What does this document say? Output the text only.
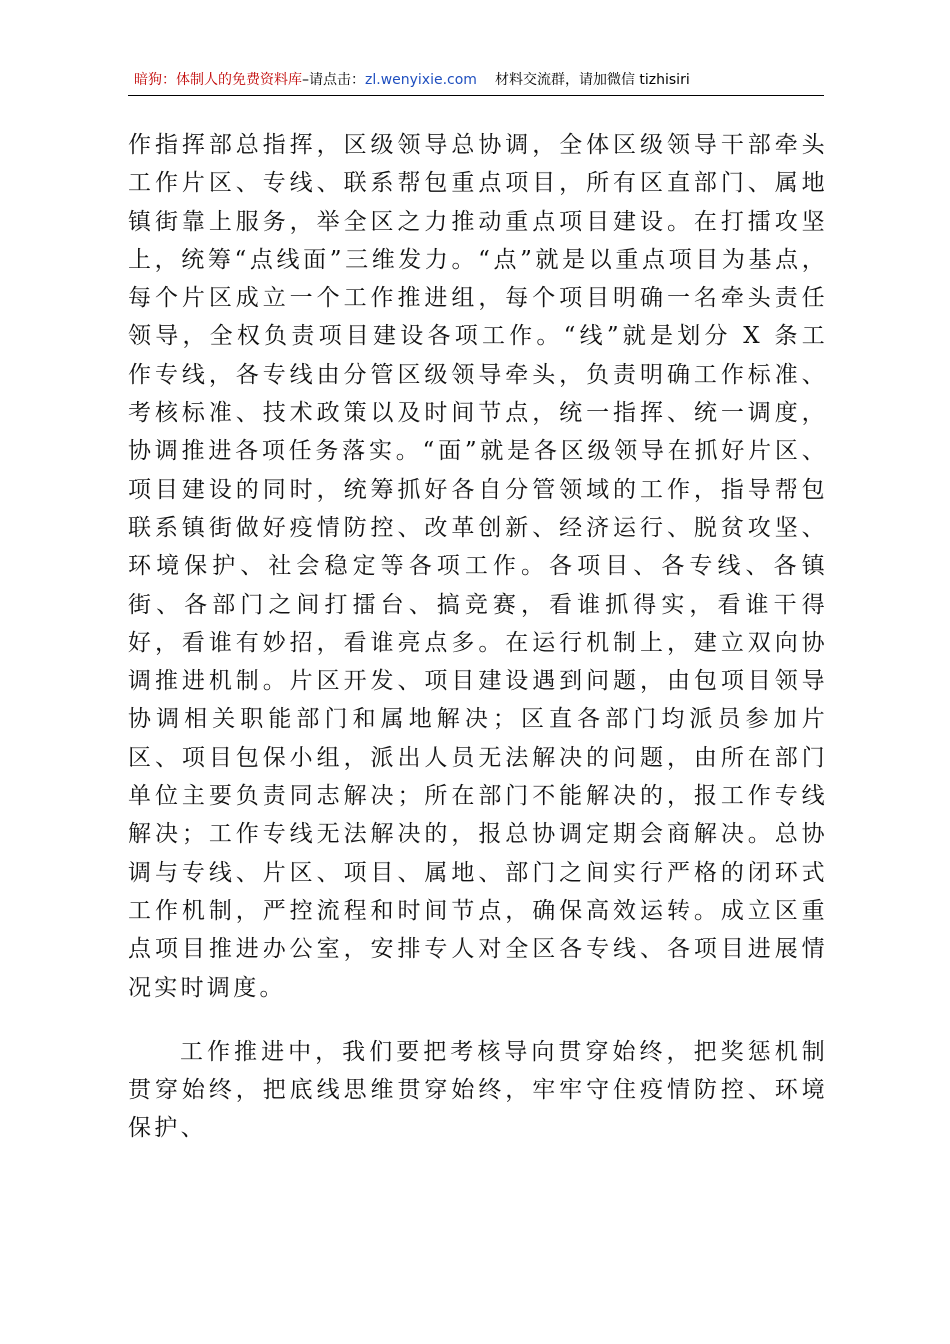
暗狗：体制人的免费资料库–请点击：zl.wenyixie.com 材料交流群，请加微信 tizhisiri

作指挥部总指挥，区级领导总协调，全体区级领导干部牵头工作片区、专线、联系帮包重点项目，所有区直部门、属地镇街靠上服务，举全区之力推动重点项目建设。在打擂攻坚上，统筹“点线面”三维发力。“点”就是以重点项目为基点，每个片区成立一个工作推进组，每个项目明确一名牵头责任领导，全权负责项目建设各项工作。“线”就是划分 X 条工作专线，各专线由分管区级领导牵头，负责明确工作标准、考核标准、技术政策以及时间节点，统一指挥、统一调度，协调推进各项任务落实。“面”就是各区级领导在抓好片区、项目建设的同时，统筹抓好各自分管领域的工作，指导帮包联系镇街做好疫情防控、改革创新、经济运行、脱贫攻坚、环境保护、社会稳定等各项工作。各项目、各专线、各镇街、各部门之间打擂台、搞竞赛，看谁抓得实，看谁干得好，看谁有妙招，看谁亮点多。在运行机制上，建立双向协调推进机制。片区开发、项目建设遇到问题，由包项目领导协调相关职能部门和属地解决；区直各部门均派员参加片区、项目包保小组，派出人员无法解决的问题，由所在部门单位主要负责同志解决；所在部门不能解决的，报工作专线解决；工作专线无法解决的，报总协调定期会商解决。总协调与专线、片区、项目、属地、部门之间实行严格的闭环式工作机制，严控流程和时间节点，确保高效运转。成立区重点项目推进办公室，安排专人对全区各专线、各项目进展情况实时调度。

工作推进中，我们要把考核导向贯穿始终，把奖惩机制贯穿始终，把底线思维贯穿始终，牢牢守住疫情防控、环境保护、
